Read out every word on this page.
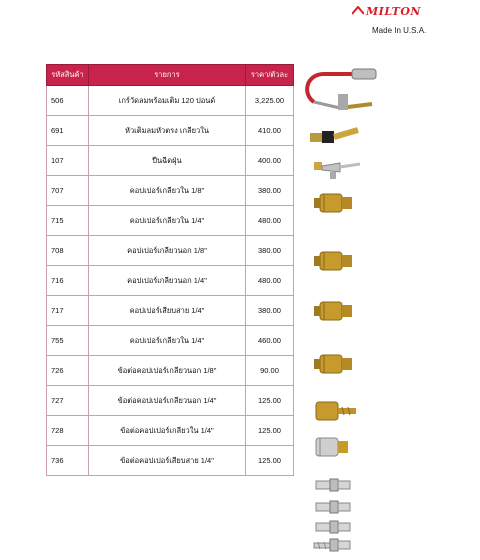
MILTON
Made In U.S.A.
รหัสสินค้า	รายการ	ราคา/ตัวละ
506	เกร์วัดลมพร้อมเติม 120 ปอนด์	3,225.00
691	หัวเติมลมหัวตรง เกลียวใน	410.00
107	ปืนฉีดฝุ่น	400.00
707	คอปเปอร์เกลียวใน 1/8"	380.00
715	คอปเปอร์เกลียวใน 1/4"	480.00
708	คอปเปอร์เกลียวนอก 1/8"	380.00
716	คอปเปอร์เกลียวนอก 1/4"	480.00
717	คอปเปอร์เสียบสาย 1/4"	380.00
755	คอปเปอร์เกลียวใน 1/4"	460.00
726	ข้อต่อคอปเปอร์เกลียวนอก 1/8"	90.00
727	ข้อต่อคอปเปอร์เกลียวนอก 1/4"	125.00
728	ข้อต่อคอปเปอร์เกลียวใน 1/4"	125.00
736	ข้อต่อคอปเปอร์เสียบสาย 1/4"	125.00
